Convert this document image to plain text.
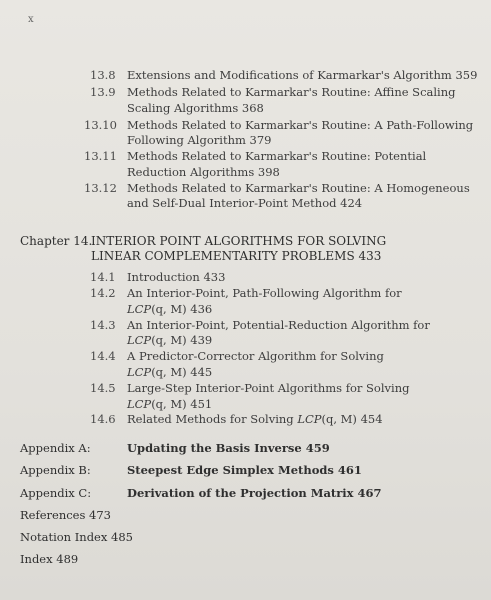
x
13.8 Extensions and Modifications of Karmarkar's Algorithm 359
13.9 Methods Related to Karmarkar's Routine: Affine Scaling
Scaling Algorithms 368
13.10 Methods Related to Karmarkar's Routine: A Path-Following
Following Algorithm 379
13.11 Methods Related to Karmarkar's Routine: Potential
Reduction Algorithms 398
13.12 Methods Related to Karmarkar's Routine: A Homogeneous
and Self-Dual Interior-Point Method 424
Chapter 14.
INTERIOR POINT ALGORITHMS FOR SOLVING
LINEAR COMPLEMENTARITY PROBLEMS 433
14.1 Introduction 433
14.2 An Interior-Point, Path-Following Algorithm for
LCP(q, M) 436
14.3 An Interior-Point, Potential-Reduction Algorithm for
LCP(q, M) 439
14.4 A Predictor-Corrector Algorithm for Solving
LCP(q, M) 445
14.5 Large-Step Interior-Point Algorithms for Solving
LCP(q, M) 451
14.6 Related Methods for Solving LCP(q, M) 454
Appendix A:	Updating the Basis Inverse 459
Appendix B:	Steepest Edge Simplex Methods 461
Appendix C:	Derivation of the Projection Matrix 467
References 473
Notation Index 485
Index 489
